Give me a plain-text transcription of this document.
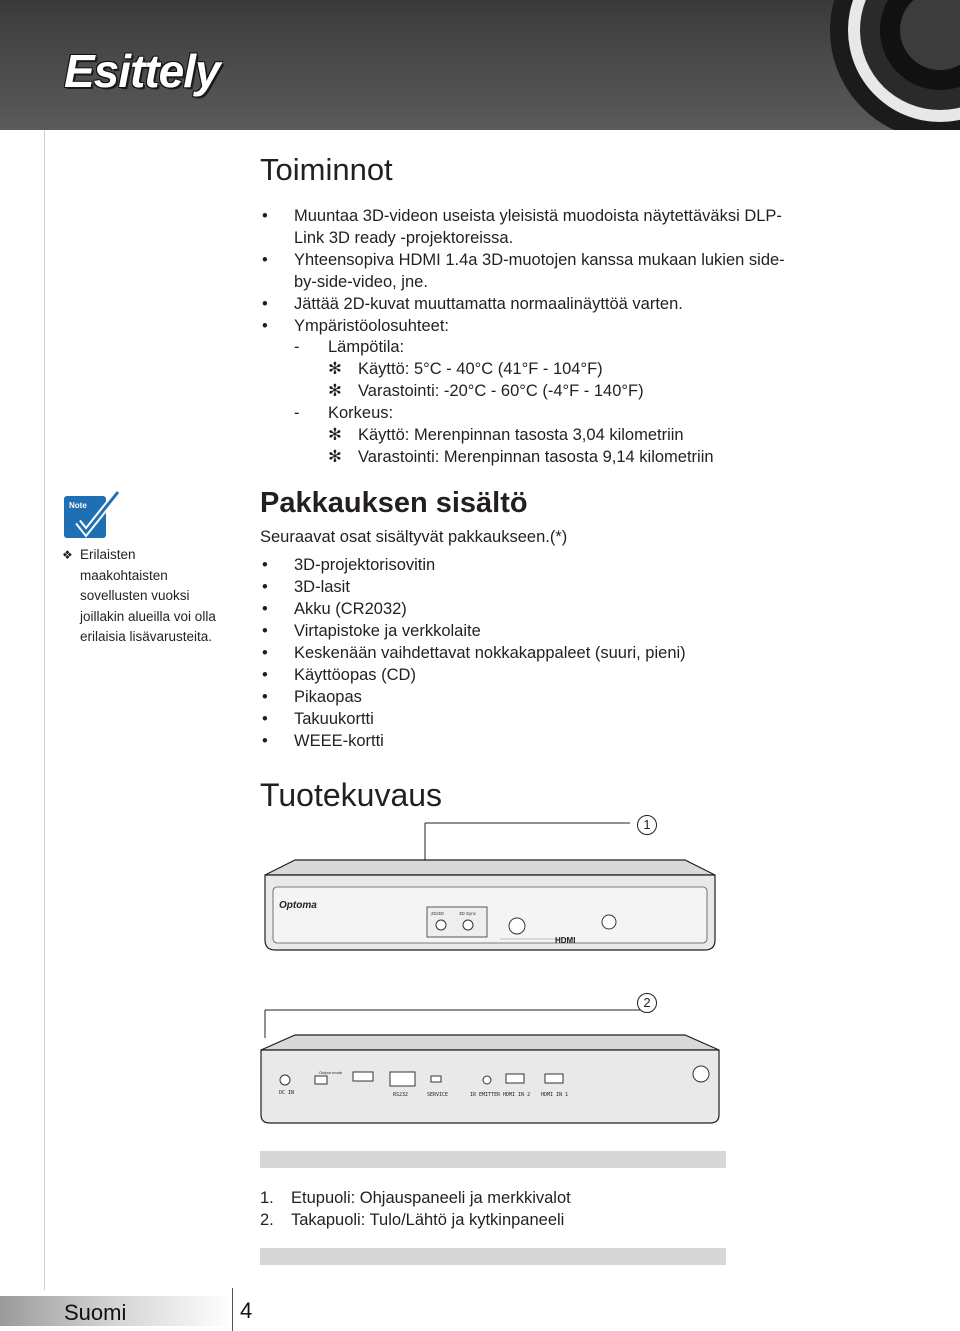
Esittely
Toiminnot
• Muuntaa 3D-videon useista yleisistä muodoista näytettäväksi DLP-
Link 3D ready -projektoreissa.
• Yhteensopiva HDMI 1.4a 3D-muotojen kanssa mukaan lukien side-
by-side-video, jne.
• Jättää 2D-kuvat muuttamatta normaalinäyttöä varten.
• Ympäristöolosuhteet:
- Lämpötila:
✻ Käyttö: 5°C - 40°C (41°F - 104°F)
✻ Varastointi: -20°C - 60°C (-4°F - 140°F)
- Korkeus:
✻ Käyttö: Merenpinnan tasosta 3,04 kilometriin
✻ Varastointi: Merenpinnan tasosta 9,14 kilometriin
Note
❖ Erilaisten
maakohtaisten
sovellusten vuoksi
joillakin alueilla voi olla
erilaisia lisävarusteita.

Pakkauksen sisältö
Seuraavat osat sisältyvät pakkaukseen.(*)
• 3D-projektorisovitin
• 3D-lasit
• Akku (CR2032)
• Virtapistoke ja verkkolaite
• Keskenään vaihdettavat nokkakappaleet (suuri, pieni)
• Käyttöopas (CD)
• Pikaopas
• Takuukortti
• WEEE-kortti
Tuotekuvaus
Optoma
2D/3D	3D Sync
HDMI
1
DC IN
Output mode
RS232	SERVICE	IR EMITTER HDMI IN 2 HDMI IN 1
2
1. Etupuoli: Ohjauspaneeli ja merkkivalot
2. Takapuoli: Tulo/Lähtö ja kytkinpaneeli
Suomi	4
